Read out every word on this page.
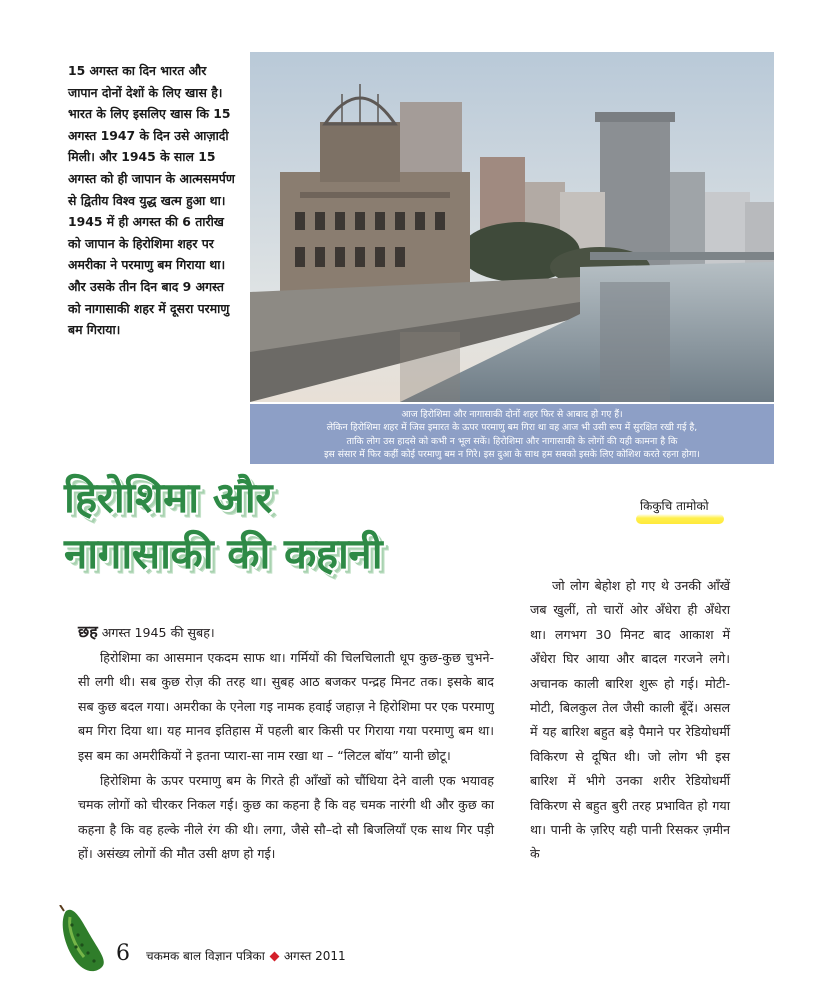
15 अगस्त का दिन भारत और जापान दोनों देशों के लिए खास है। भारत के लिए इसलिए खास कि 15 अगस्त 1947 के दिन उसे आज़ादी मिली। और 1945 के साल 15 अगस्त को ही जापान के आत्मसमर्पण से द्वितीय विश्व युद्ध खत्म हुआ था। 1945 में ही अगस्त की 6 तारीख को जापान के हिरोशिमा शहर पर अमरीका ने परमाणु बम गिराया था। और उसके तीन दिन बाद 9 अगस्त को नागासाकी शहर में दूसरा परमाणु बम गिराया।
आज हिरोशिमा और नागासाकी दोनों शहर फिर से आबाद हो गए हैं।
लेकिन हिरोशिमा शहर में जिस इमारत के ऊपर परमाणु बम गिरा था वह आज भी उसी रूप में सुरक्षित रखी गई है,
ताकि लोग उस हादसे को कभी न भूल सकें। हिरोशिमा और नागासाकी के लोगों की यही कामना है कि
इस संसार में फिर कहीं कोई परमाणु बम न गिरे। इस दुआ के साथ हम सबको इसके लिए कोशिश करते रहना होगा।
हिरोशिमा और
नागासाकी की कहानी
किकुचि तामोको

छह अगस्त 1945 की सुबह।

हिरोशिमा का आसमान एकदम साफ था। गर्मियों की चिलचिलाती धूप कुछ-कुछ चुभने-सी लगी थी। सब कुछ रोज़ की तरह था। सुबह आठ बजकर पन्द्रह मिनट तक। इसके बाद सब कुछ बदल गया। अमरीका के एनेला गइ नामक हवाई जहाज़ ने हिरोशिमा पर एक परमाणु बम गिरा दिया था। यह मानव इतिहास में पहली बार किसी पर गिराया गया परमाणु बम था। इस बम का अमरीकियों ने इतना प्यारा-सा नाम रखा था – “लिटल बॉय” यानी छोटू।

हिरोशिमा के ऊपर परमाणु बम के गिरते ही आँखों को चौंधिया देने वाली एक भयावह चमक लोगों को चीरकर निकल गई। कुछ का कहना है कि वह चमक नारंगी थी और कुछ का कहना है कि वह हल्के नीले रंग की थी। लगा, जैसे सौ–दो सौ बिजलियाँ एक साथ गिर पड़ी हों। असंख्य लोगों की मौत उसी क्षण हो गई।

जो लोग बेहोश हो गए थे उनकी आँखें जब खुलीं, तो चारों ओर अँधेरा ही अँधेरा था। लगभग 30 मिनट बाद आकाश में अँधेरा घिर आया और बादल गरजने लगे। अचानक काली बारिश शुरू हो गई। मोटी-मोटी, बिलकुल तेल जैसी काली बूँदें। असल में यह बारिश बहुत बड़े पैमाने पर रेडियोधर्मी विकिरण से दूषित थी। जो लोग भी इस बारिश में भीगे उनका शरीर रेडियोधर्मी विकिरण से बहुत बुरी तरह प्रभावित हो गया था। पानी के ज़रिए यही पानी रिसकर ज़मीन के

6 चकमक बाल विज्ञान पत्रिका अगस्त 2011
